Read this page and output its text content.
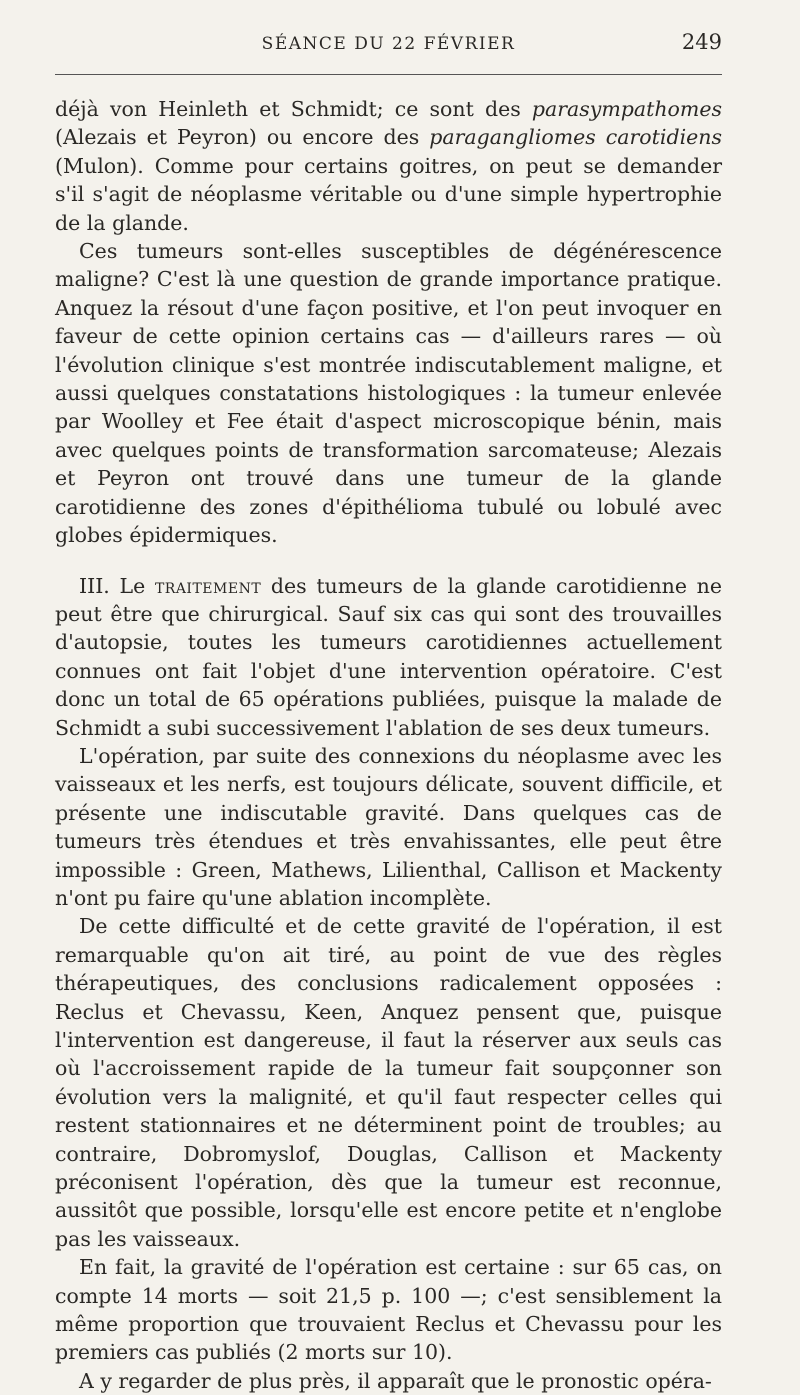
SÉANCE DU 22 FÉVRIER	249

déjà von Heinleth et Schmidt; ce sont des parasympathomes (Alezais et Peyron) ou encore des paragangliomes carotidiens (Mulon). Comme pour certains goitres, on peut se demander s'il s'agit de néoplasme véritable ou d'une simple hypertrophie de la glande.

Ces tumeurs sont-elles susceptibles de dégénérescence maligne? C'est là une question de grande importance pratique. Anquez la résout d'une façon positive, et l'on peut invoquer en faveur de cette opinion certains cas — d'ailleurs rares — où l'évolution clinique s'est montrée indiscutablement maligne, et aussi quelques constatations histologiques : la tumeur enlevée par Woolley et Fee était d'aspect microscopique bénin, mais avec quelques points de transformation sarcomateuse; Alezais et Peyron ont trouvé dans une tumeur de la glande carotidienne des zones d'épithélioma tubulé ou lobulé avec globes épidermiques.

III. Le traitement des tumeurs de la glande carotidienne ne peut être que chirurgical. Sauf six cas qui sont des trouvailles d'autopsie, toutes les tumeurs carotidiennes actuellement connues ont fait l'objet d'une intervention opératoire. C'est donc un total de 65 opérations publiées, puisque la malade de Schmidt a subi successivement l'ablation de ses deux tumeurs.

L'opération, par suite des connexions du néoplasme avec les vaisseaux et les nerfs, est toujours délicate, souvent difficile, et présente une indiscutable gravité. Dans quelques cas de tumeurs très étendues et très envahissantes, elle peut être impossible : Green, Mathews, Lilienthal, Callison et Mackenty n'ont pu faire qu'une ablation incomplète.

De cette difficulté et de cette gravité de l'opération, il est remarquable qu'on ait tiré, au point de vue des règles thérapeutiques, des conclusions radicalement opposées : Reclus et Chevassu, Keen, Anquez pensent que, puisque l'intervention est dangereuse, il faut la réserver aux seuls cas où l'accroissement rapide de la tumeur fait soupçonner son évolution vers la malignité, et qu'il faut respecter celles qui restent stationnaires et ne déterminent point de troubles; au contraire, Dobromyslof, Douglas, Callison et Mackenty préconisent l'opération, dès que la tumeur est reconnue, aussitôt que possible, lorsqu'elle est encore petite et n'englobe pas les vaisseaux.

En fait, la gravité de l'opération est certaine : sur 65 cas, on compte 14 morts — soit 21,5 p. 100 —; c'est sensiblement la même proportion que trouvaient Reclus et Chevassu pour les premiers cas publiés (2 morts sur 10).

A y regarder de plus près, il apparaît que le pronostic opéra-
